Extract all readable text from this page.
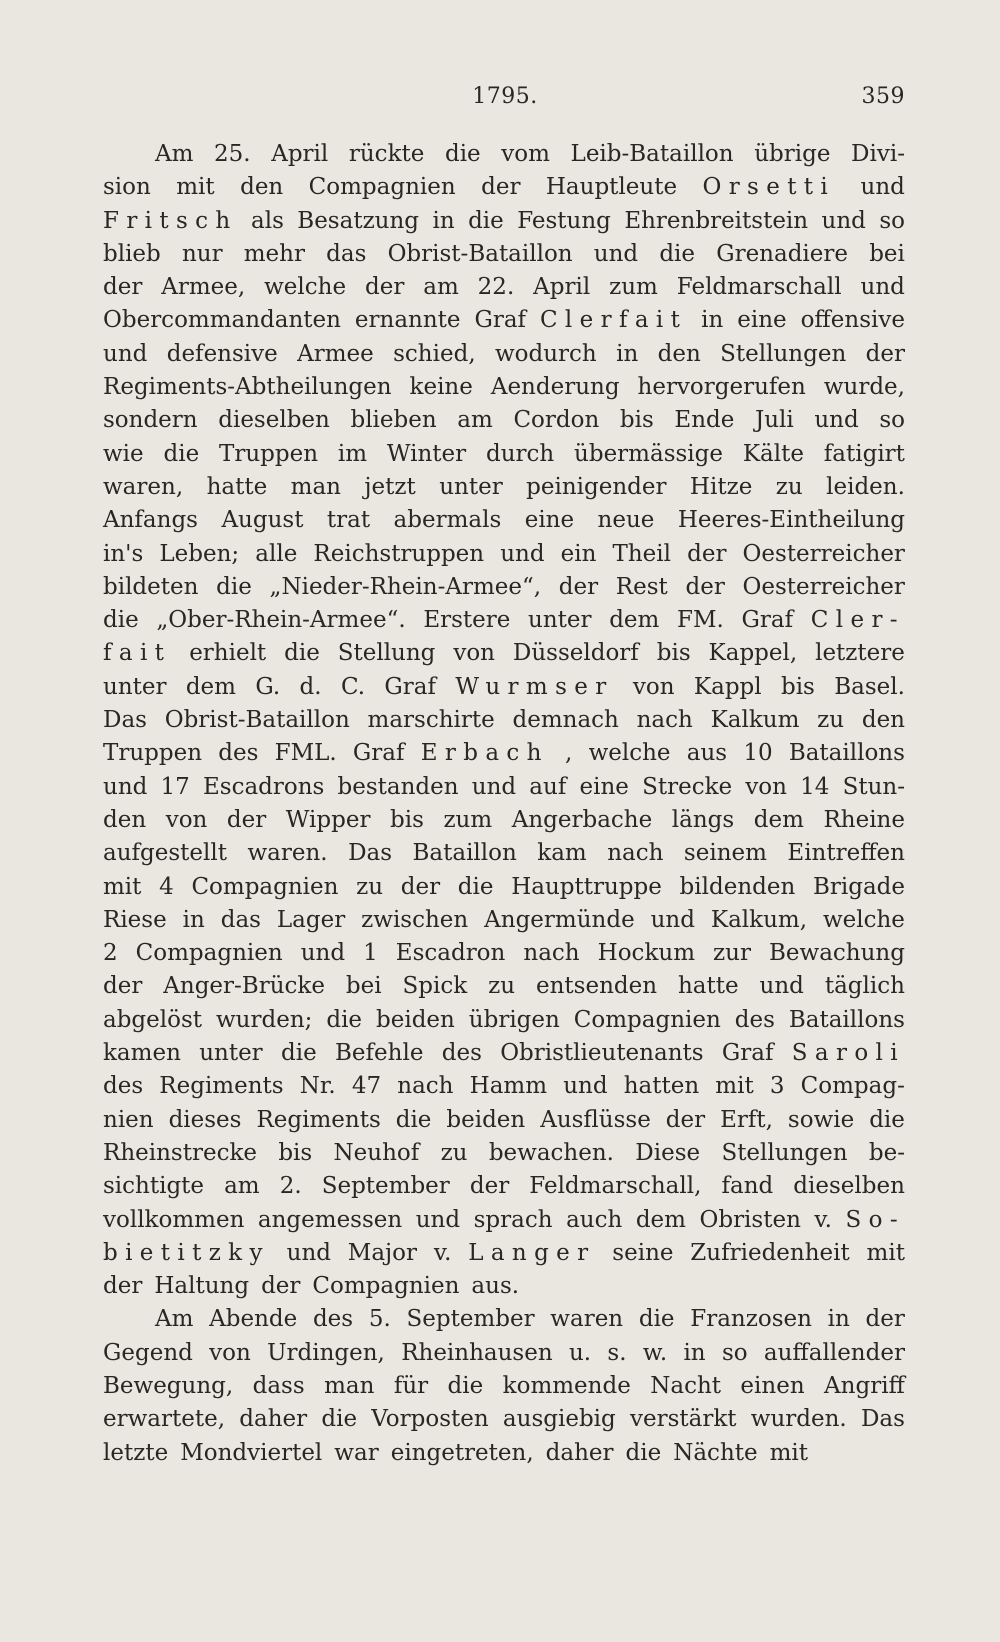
1795.	359
Am 25. April rückte die vom Leib-Bataillon übrige Divi-
sion mit den Compagnien der Hauptleute Orsetti und
Fritsch als Besatzung in die Festung Ehrenbreitstein und so
blieb nur mehr das Obrist-Bataillon und die Grenadiere bei
der Armee, welche der am 22. April zum Feldmarschall und
Obercommandanten ernannte Graf Clerfait in eine offensive
und defensive Armee schied, wodurch in den Stellungen der
Regiments-Abtheilungen keine Aenderung hervorgerufen wurde,
sondern dieselben blieben am Cordon bis Ende Juli und so
wie die Truppen im Winter durch übermässige Kälte fatigirt
waren, hatte man jetzt unter peinigender Hitze zu leiden.
Anfangs August trat abermals eine neue Heeres-Eintheilung
in's Leben; alle Reichstruppen und ein Theil der Oesterreicher
bildeten die „Nieder-Rhein-Armee“, der Rest der Oesterreicher
die „Ober-Rhein-Armee“. Erstere unter dem FM. Graf Cler-
fait erhielt die Stellung von Düsseldorf bis Kappel, letztere
unter dem G. d. C. Graf Wurmser von Kappl bis Basel.
Das Obrist-Bataillon marschirte demnach nach Kalkum zu den
Truppen des FML. Graf Erbach , welche aus 10 Bataillons
und 17 Escadrons bestanden und auf eine Strecke von 14 Stun-
den von der Wipper bis zum Angerbache längs dem Rheine
aufgestellt waren. Das Bataillon kam nach seinem Eintreffen
mit 4 Compagnien zu der die Haupttruppe bildenden Brigade
Riese in das Lager zwischen Angermünde und Kalkum, welche
2 Compagnien und 1 Escadron nach Hockum zur Bewachung
der Anger-Brücke bei Spick zu entsenden hatte und täglich
abgelöst wurden; die beiden übrigen Compagnien des Bataillons
kamen unter die Befehle des Obristlieutenants Graf Saroli
des Regiments Nr. 47 nach Hamm und hatten mit 3 Compag-
nien dieses Regiments die beiden Ausflüsse der Erft, sowie die
Rheinstrecke bis Neuhof zu bewachen. Diese Stellungen be-
sichtigte am 2. September der Feldmarschall, fand dieselben
vollkommen angemessen und sprach auch dem Obristen v. So-
bietitzky und Major v. Langer seine Zufriedenheit mit
der Haltung der Compagnien aus.
Am Abende des 5. September waren die Franzosen in der
Gegend von Urdingen, Rheinhausen u. s. w. in so auffallender
Bewegung, dass man für die kommende Nacht einen Angriff
erwartete, daher die Vorposten ausgiebig verstärkt wurden. Das
letzte Mondviertel war eingetreten, daher die Nächte mit
